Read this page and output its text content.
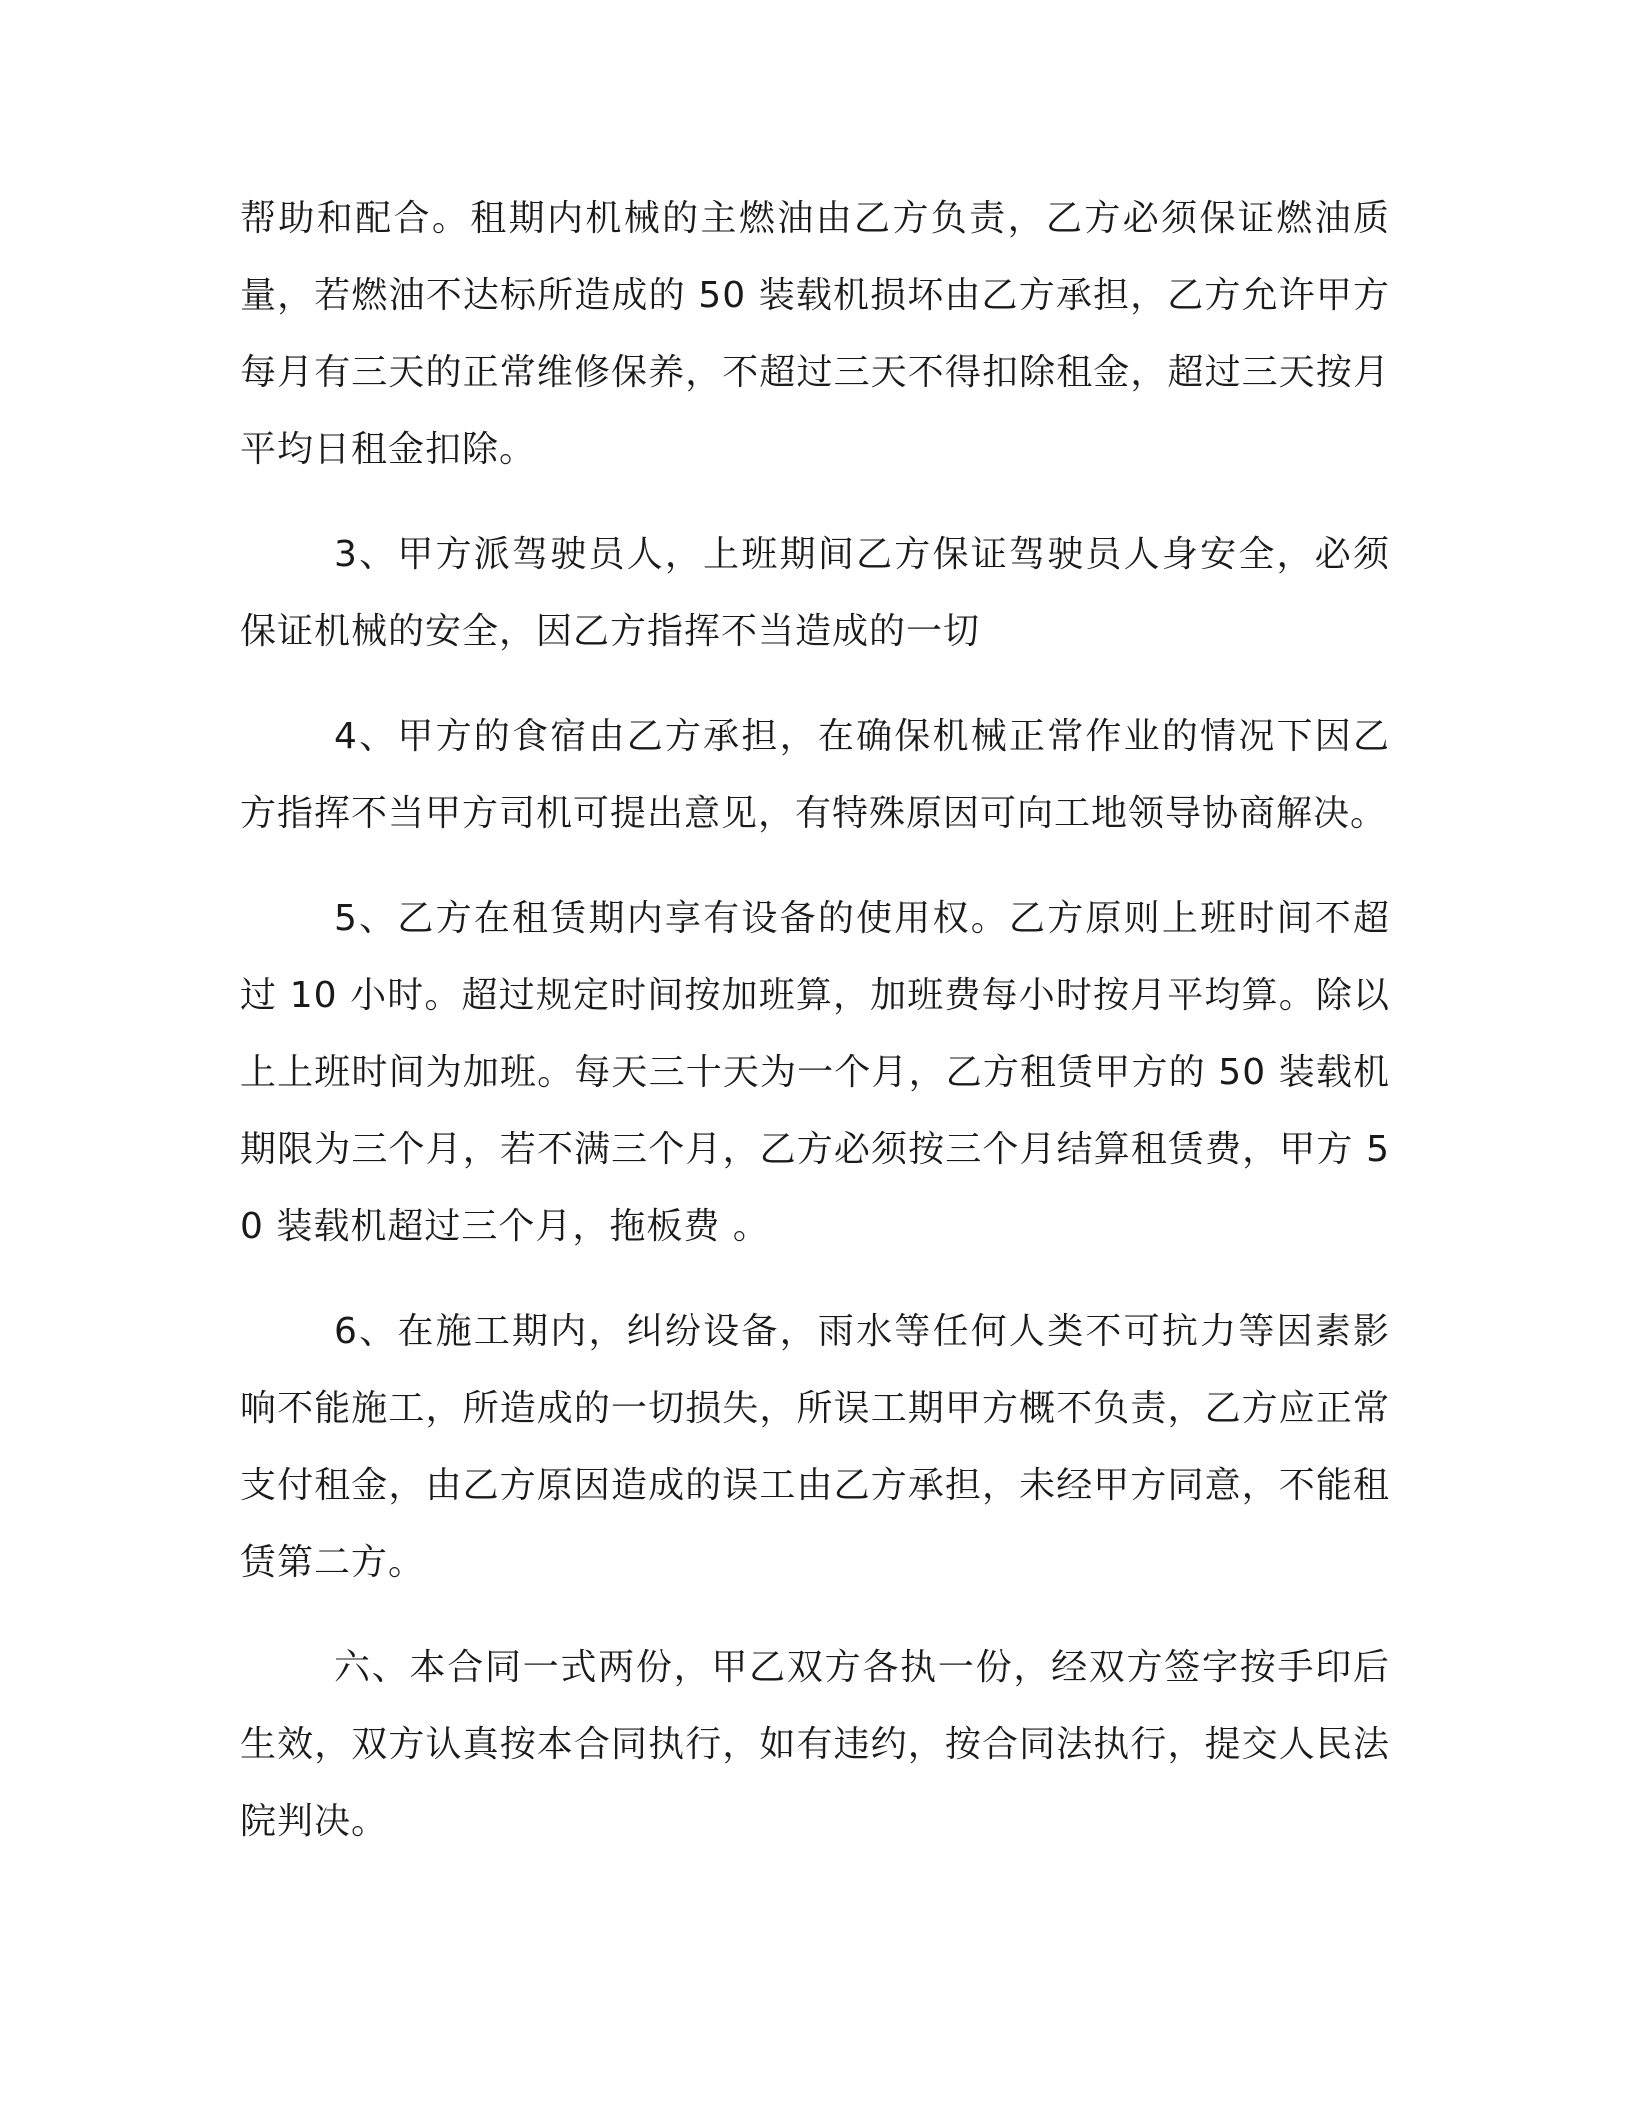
帮助和配合。租期内机械的主燃油由乙方负责，乙方必须保证燃油质量，若燃油不达标所造成的 50 装载机损坏由乙方承担，乙方允许甲方每月有三天的正常维修保养，不超过三天不得扣除租金，超过三天按月平均日租金扣除。

3、甲方派驾驶员人，上班期间乙方保证驾驶员人身安全，必须保证机械的安全，因乙方指挥不当造成的一切

4、甲方的食宿由乙方承担，在确保机械正常作业的情况下因乙方指挥不当甲方司机可提出意见，有特殊原因可向工地领导协商解决。

5、乙方在租赁期内享有设备的使用权。乙方原则上班时间不超过 10 小时。超过规定时间按加班算，加班费每小时按月平均算。除以上上班时间为加班。每天三十天为一个月，乙方租赁甲方的 50 装载机期限为三个月，若不满三个月，乙方必须按三个月结算租赁费，甲方 50 装载机超过三个月，拖板费 。

6、在施工期内，纠纷设备，雨水等任何人类不可抗力等因素影响不能施工，所造成的一切损失，所误工期甲方概不负责，乙方应正常支付租金，由乙方原因造成的误工由乙方承担，未经甲方同意，不能租赁第二方。

六、本合同一式两份，甲乙双方各执一份，经双方签字按手印后生效，双方认真按本合同执行，如有违约，按合同法执行，提交人民法院判决。
